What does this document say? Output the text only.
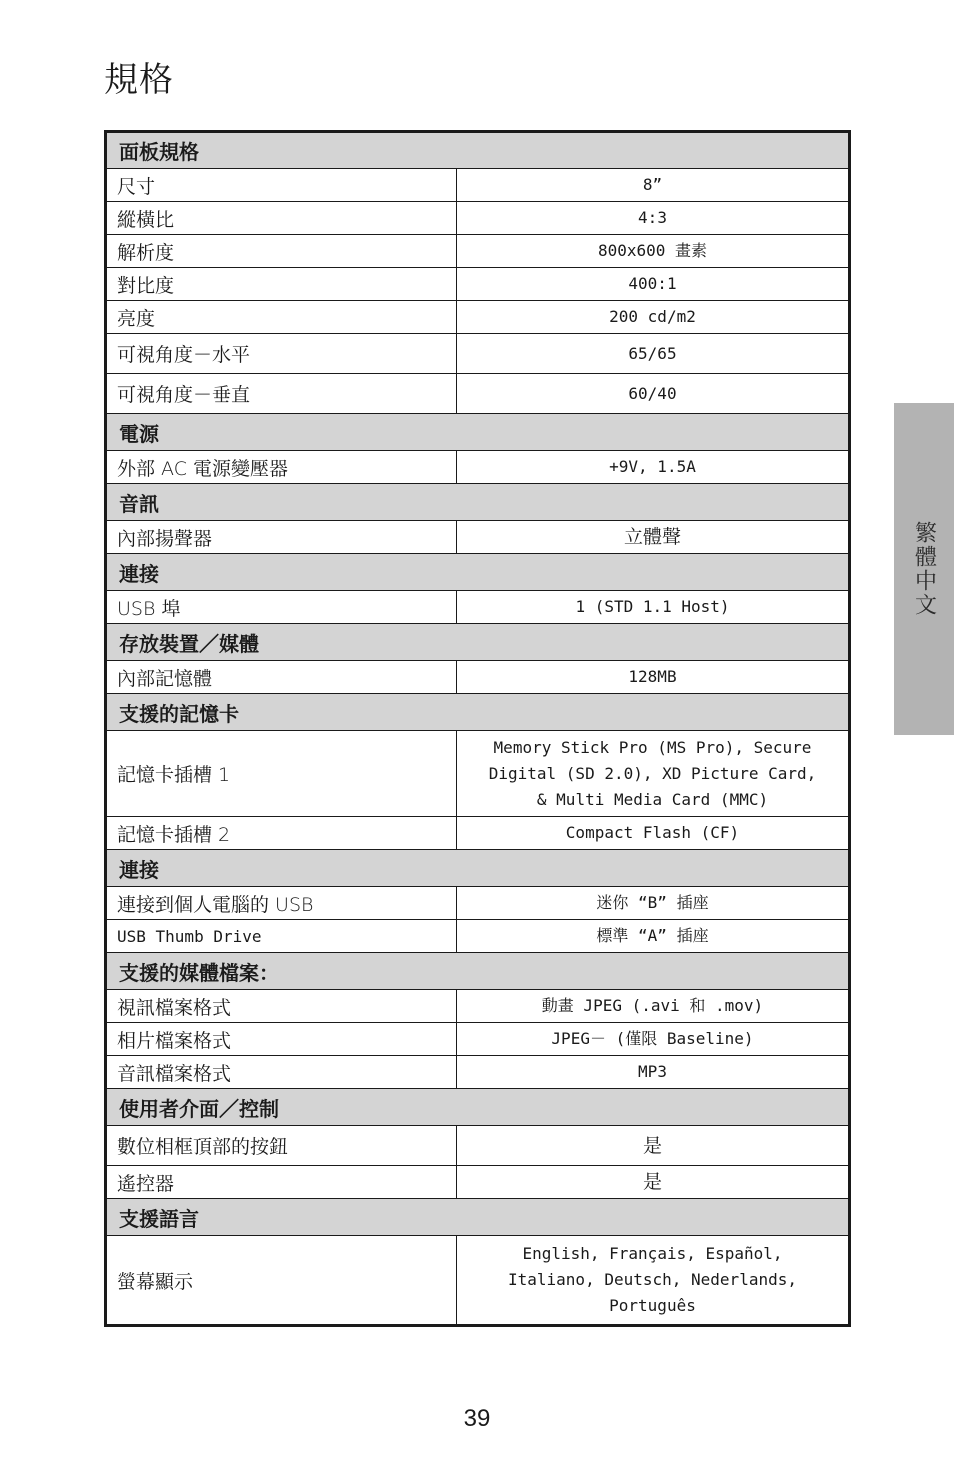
規格
面板規格	
尺寸	8”
縱橫比	4:3
解析度	800x600 畫素
對比度	400:1
亮度	200 cd/m2
可視角度－水平	65/65
可視角度－垂直	60/40
電源	
外部 AC 電源變壓器	+9V, 1.5A
音訊	
內部揚聲器	立體聲
連接	
USB 埠	1 (STD 1.1 Host)
存放裝置／媒體	
內部記憶體	128MB
支援的記憶卡	
記憶卡插槽 1	Memory Stick Pro (MS Pro), Secure
Digital (SD 2.0), XD Picture Card,
& Multi Media Card (MMC)

記憶卡插槽 2	Compact Flash (CF)
連接	
連接到個人電腦的 USB	迷你 “B” 插座
USB Thumb Drive	標準 “A” 插座
支援的媒體檔案：	
視訊檔案格式	動畫 JPEG (.avi 和 .mov)
相片檔案格式	JPEG－ (僅限 Baseline)
音訊檔案格式	MP3
使用者介面／控制	
數位相框頂部的按鈕	是
遙控器	是
支援語言	
螢幕顯示	English, Français, Español,
Italiano, Deutsch, Nederlands,
Português
繁體中文
39
